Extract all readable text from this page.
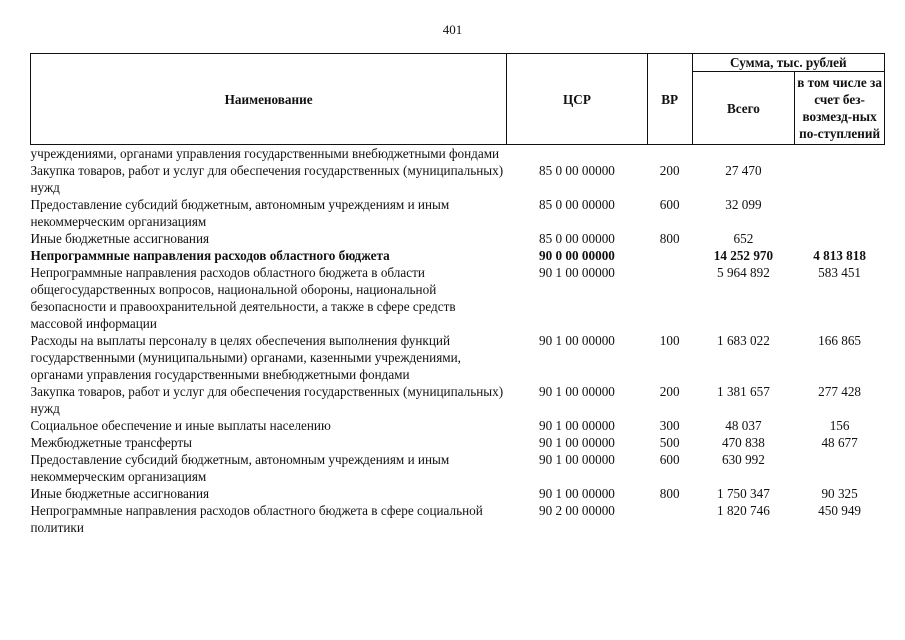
401
Наименование	ЦСР	ВР	Сумма, тыс. рублей	
			Всего	в том числе за счет без-возмезд-ных по-ступлений
учреждениями, органами управления государственными внебюджетными фондами				
Закупка товаров, работ и услуг для обеспечения государственных (муниципальных) нужд	85 0 00 00000	200	27 470	
Предоставление субсидий бюджетным, автономным учреждениям и иным некоммерческим организациям	85 0 00 00000	600	32 099	
Иные бюджетные ассигнования	85 0 00 00000	800	652	
Непрограммные направления расходов областного бюджета	90 0 00 00000		14 252 970	4 813 818
Непрограммные направления расходов областного бюджета в области общегосударственных вопросов, национальной обороны, национальной безопасности и правоохранительной деятельности, а также в сфере средств массовой информации	90 1 00 00000		5 964 892	583 451
Расходы на выплаты персоналу в целях обеспечения выполнения функций государственными (муниципальными) органами, казенными учреждениями, органами управления государственными внебюджетными фондами	90 1 00 00000	100	1 683 022	166 865
Закупка товаров, работ и услуг для обеспечения государственных (муниципальных) нужд	90 1 00 00000	200	1 381 657	277 428
Социальное обеспечение и иные выплаты населению	90 1 00 00000	300	48 037	156
Межбюджетные трансферты	90 1 00 00000	500	470 838	48 677
Предоставление субсидий бюджетным, автономным учреждениям и иным некоммерческим организациям	90 1 00 00000	600	630 992	
Иные бюджетные ассигнования	90 1 00 00000	800	1 750 347	90 325
Непрограммные направления расходов областного бюджета в сфере социальной политики	90 2 00 00000		1 820 746	450 949
